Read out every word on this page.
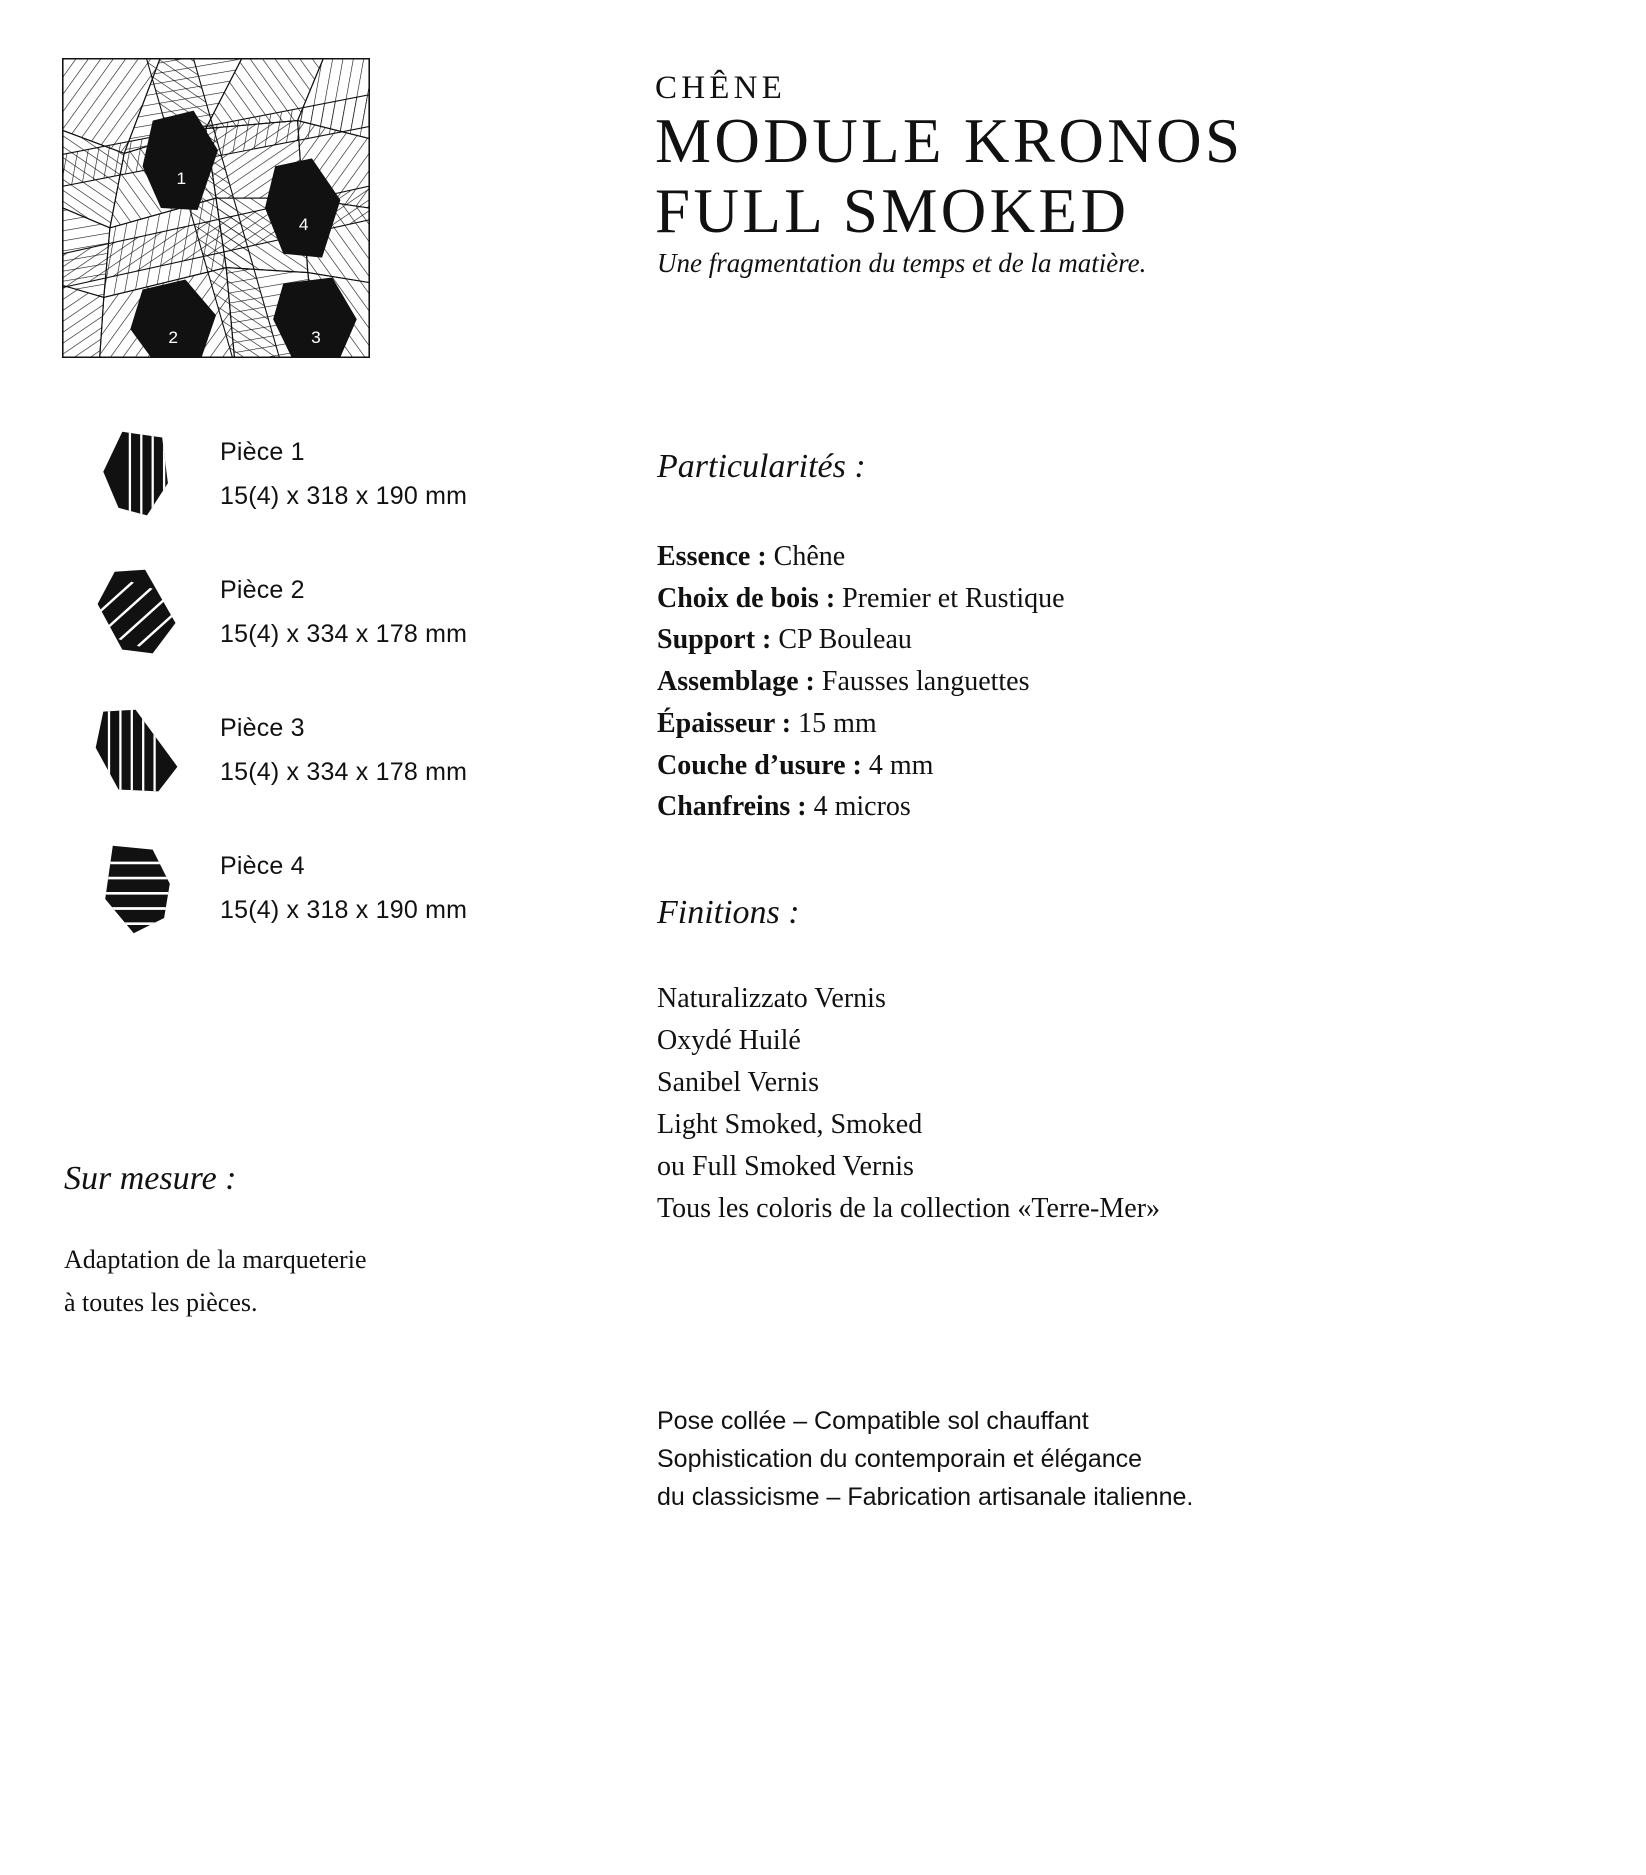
1
4
2	3
Pièce 1
15(4) x 318 x 190 mm
Pièce 2
15(4) x 334 x 178 mm
Pièce 3
15(4) x 334 x 178 mm
Pièce 4
15(4) x 318 x 190 mm
Sur mesure :
Adaptation de la marqueterie
à toutes les pièces.
CHÊNE
MODULE KRONOS
FULL SMOKED
Une fragmentation du temps et de la matière.
Particularités :
Essence : Chêne
Choix de bois : Premier et Rustique
Support : CP Bouleau
Assemblage : Fausses languettes
Épaisseur : 15 mm
Couche d’usure : 4 mm
Chanfreins : 4 micros
Finitions :
Naturalizzato Vernis
Oxydé Huilé
Sanibel Vernis
Light Smoked, Smoked
ou Full Smoked Vernis
Tous les coloris de la collection «Terre-Mer»
Pose collée – Compatible sol chauffant
Sophistication du contemporain et élégance
du classicisme – Fabrication artisanale italienne.
